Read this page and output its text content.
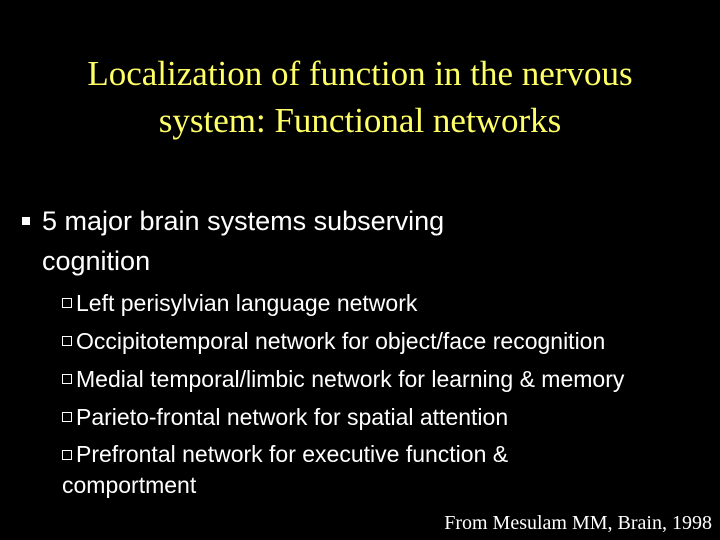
Localization of function in the nervous
system: Functional networks
5 major brain systems subserving
cognition
Left perisylvian language network
Occipitotemporal network for object/face recognition
Medial temporal/limbic network for learning & memory
Parieto-frontal network for spatial attention
Prefrontal network for executive function &
comportment
From Mesulam MM, Brain, 1998
